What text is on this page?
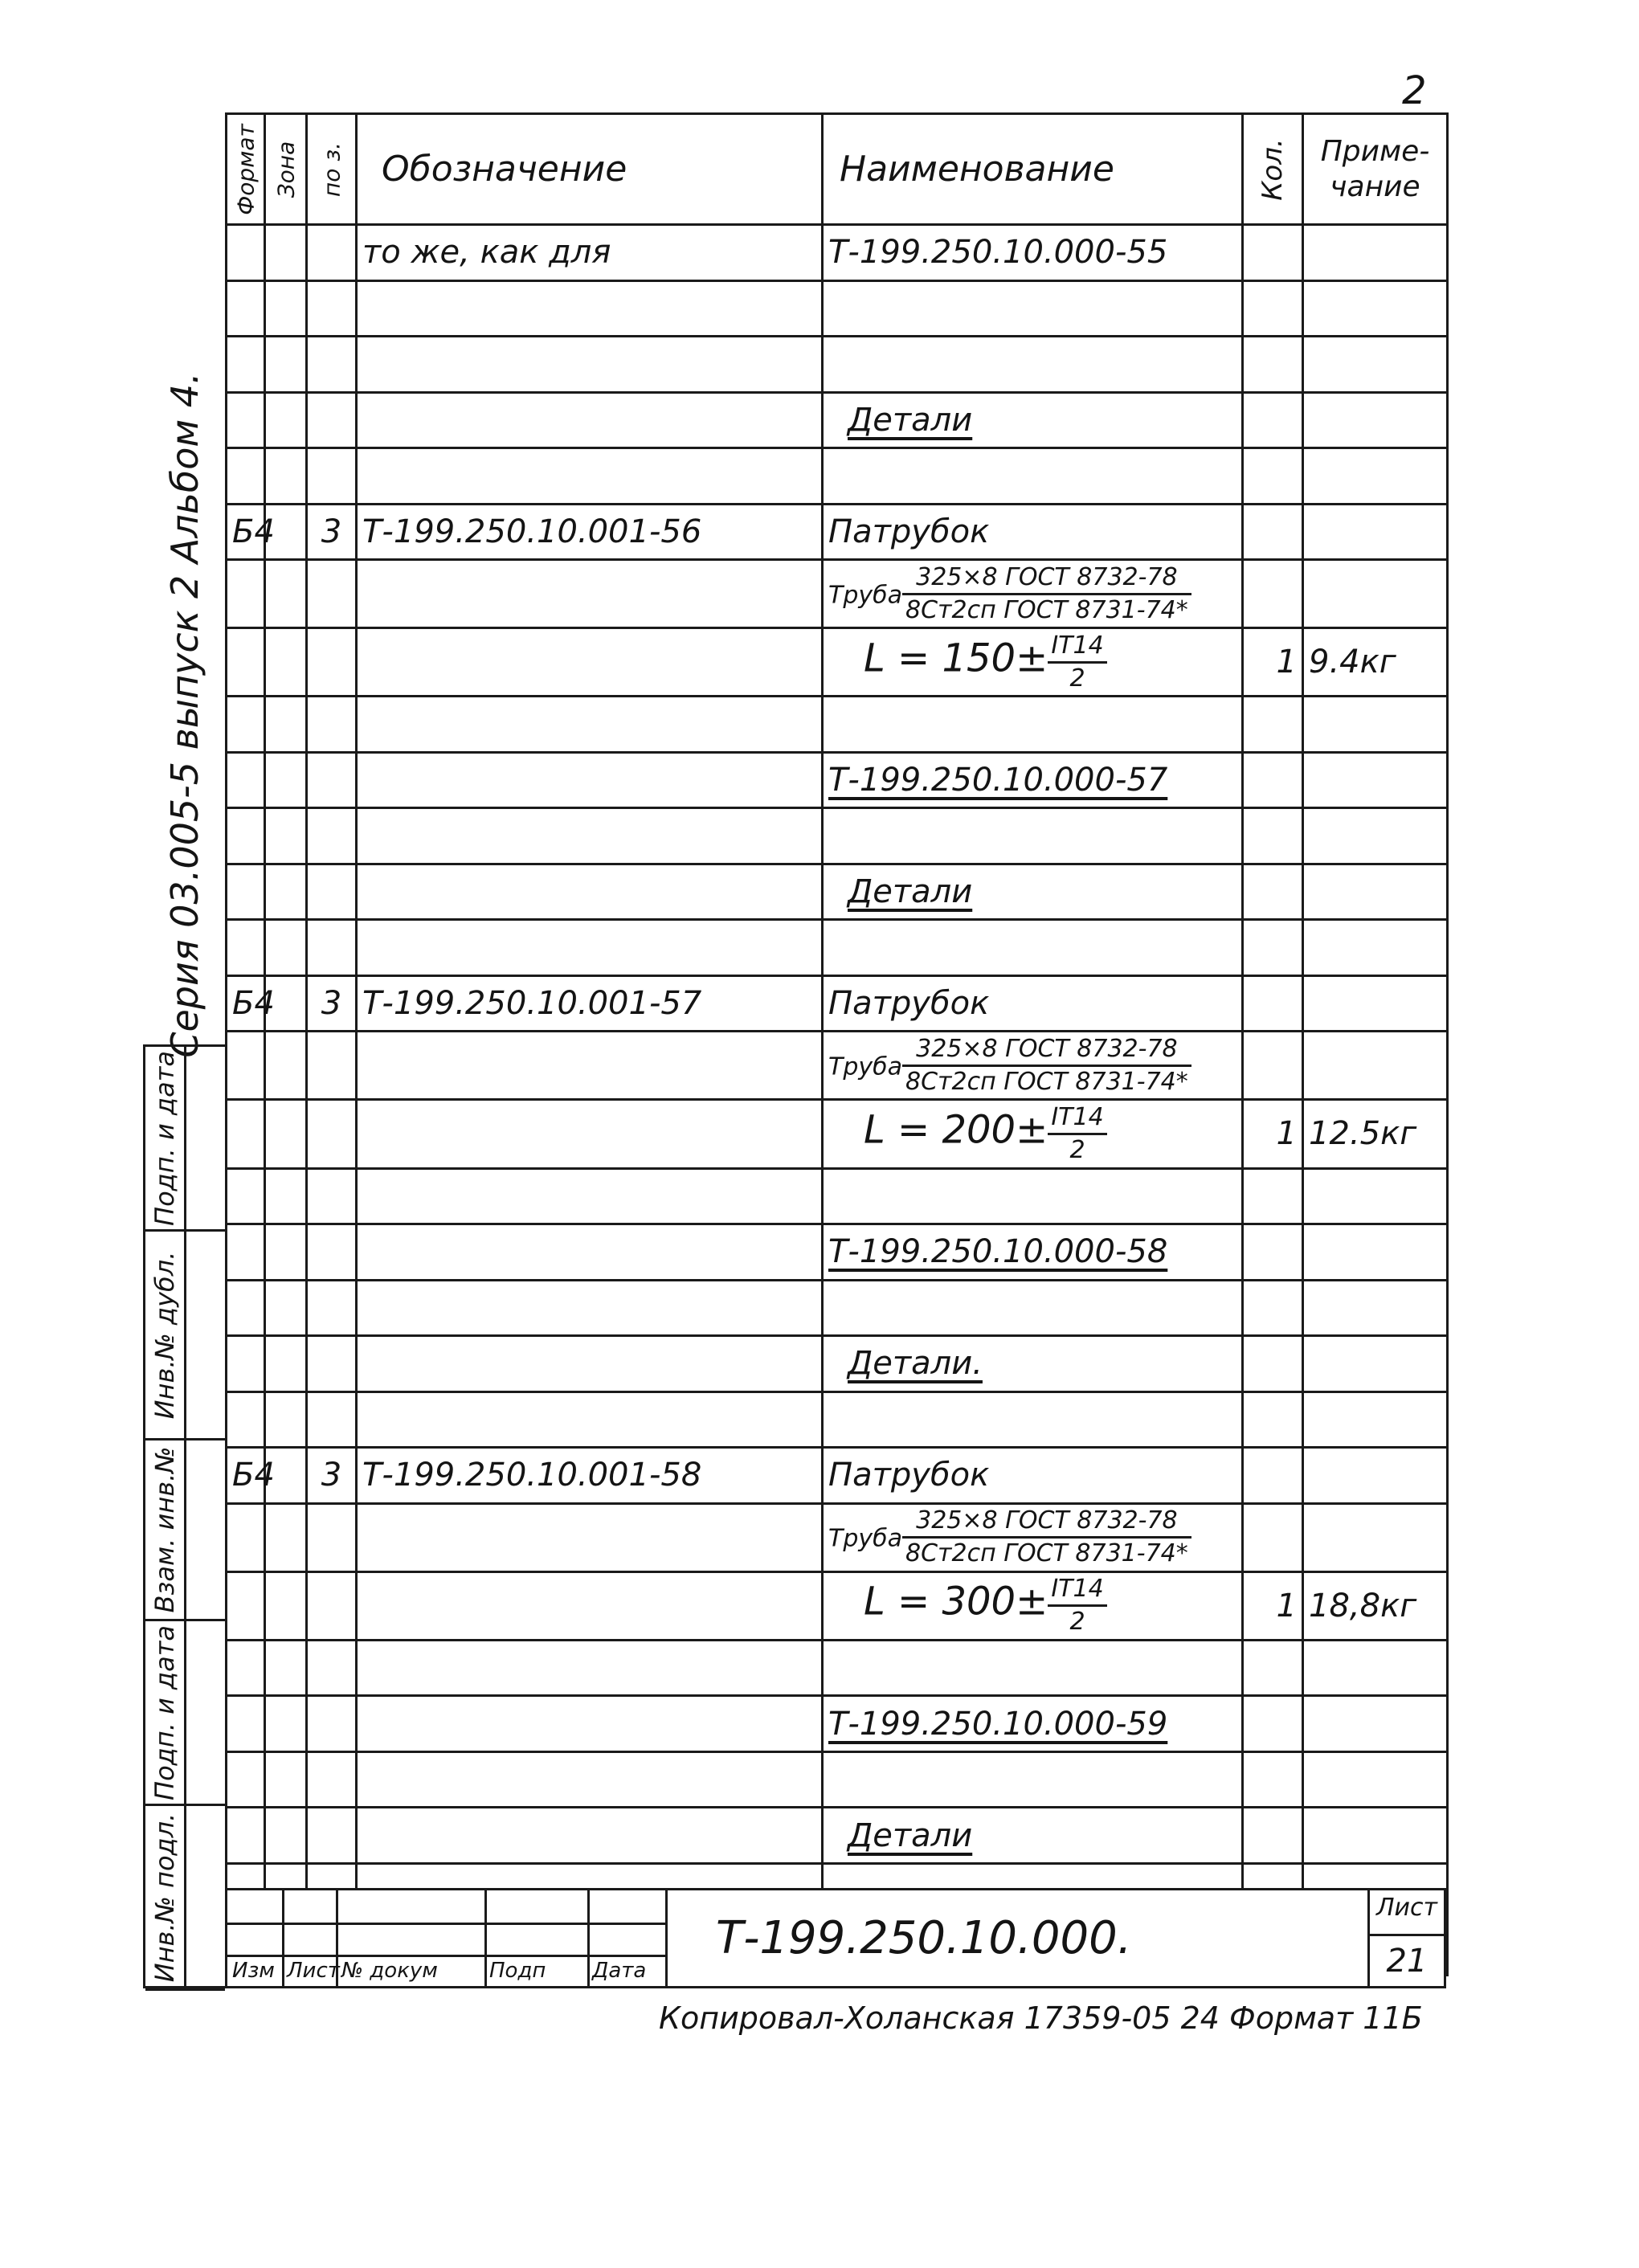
2
Серия 03.005-5 выпуск 2 Альбом 4.
Формат	Зона	по з.	Обозначение	Наименование	Кол.	Приме-
чание
			то же, как для	Т-199.250.10.000-55		

				Детали		

Б4		3	Т-199.250.10.001-56	Патрубок		
				Труба $\frac{\text{325×8 ГОСТ 8732-78}}{\text{8Ст2сп ГОСТ 8731-74*}}$

				$L = 150\pm \frac{IT14}{2}$	1	9.4кг

				Т-199.250.10.000-57		

				Детали		

Б4		3	Т-199.250.10.001-57	Патрубок		
				Труба $\frac{\text{325×8 ГОСТ 8732-78}}{\text{8Ст2сп ГОСТ 8731-74*}}$

				$L = 200\pm \frac{IT14}{2}$	1	12.5кг

				Т-199.250.10.000-58		

				Детали.		

Б4		3	Т-199.250.10.001-58	Патрубок		
				Труба $\frac{\text{325×8 ГОСТ 8732-78}}{\text{8Ст2сп ГОСТ 8731-74*}}$

				$L = 300\pm \frac{IT14}{2}$	1	18,8кг

				Т-199.250.10.000-59		

				Детали		

Подп. и дата
Инв.№ дубл.
Взам. инв.№
Подп. и дата
Инв.№ подл.	Изм Лист № докум Подп Дата
Т-199.250.10.000.
Лист
21
Копировал-Холанская 17359-05 24 Формат 11Б
